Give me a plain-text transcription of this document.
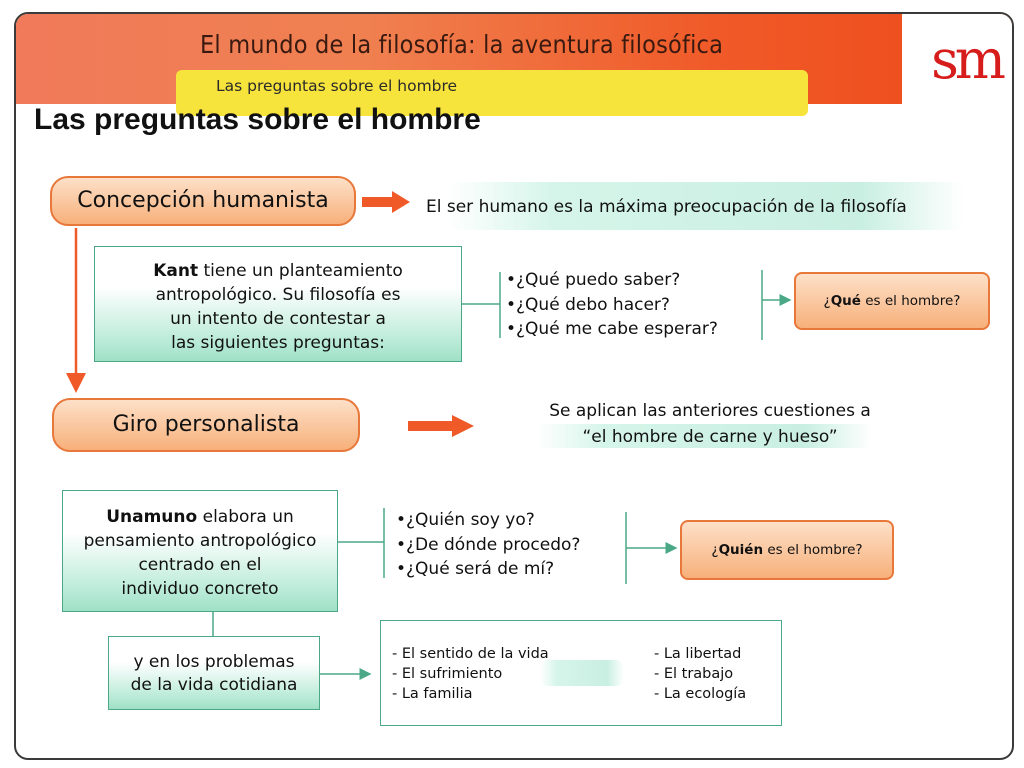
El mundo de la filosofía: la aventura filosófica	sm
Las preguntas sobre el hombre
Las preguntas sobre el hombre
Concepción humanista	El ser humano es la máxima preocupación de la filosofía
Kant tiene un planteamiento
antropológico. Su filosofía es
un intento de contestar a
las siguientes preguntas:
•¿Qué puedo saber?
•¿Qué debo hacer?
•¿Qué me cabe esperar?
¿Qué es el hombre?
Giro personalista
Se aplican las anteriores cuestiones a
“el hombre de carne y hueso”
Unamuno elabora un
pensamiento antropológico
centrado en el
individuo concreto
•¿Quién soy yo?
•¿De dónde procedo?
•¿Qué será de mí?
¿Quién es el hombre?
y en los problemas
de la vida cotidiana
- El sentido de la vida
- El sufrimiento
- La familia
- La libertad
- El trabajo
- La ecología
